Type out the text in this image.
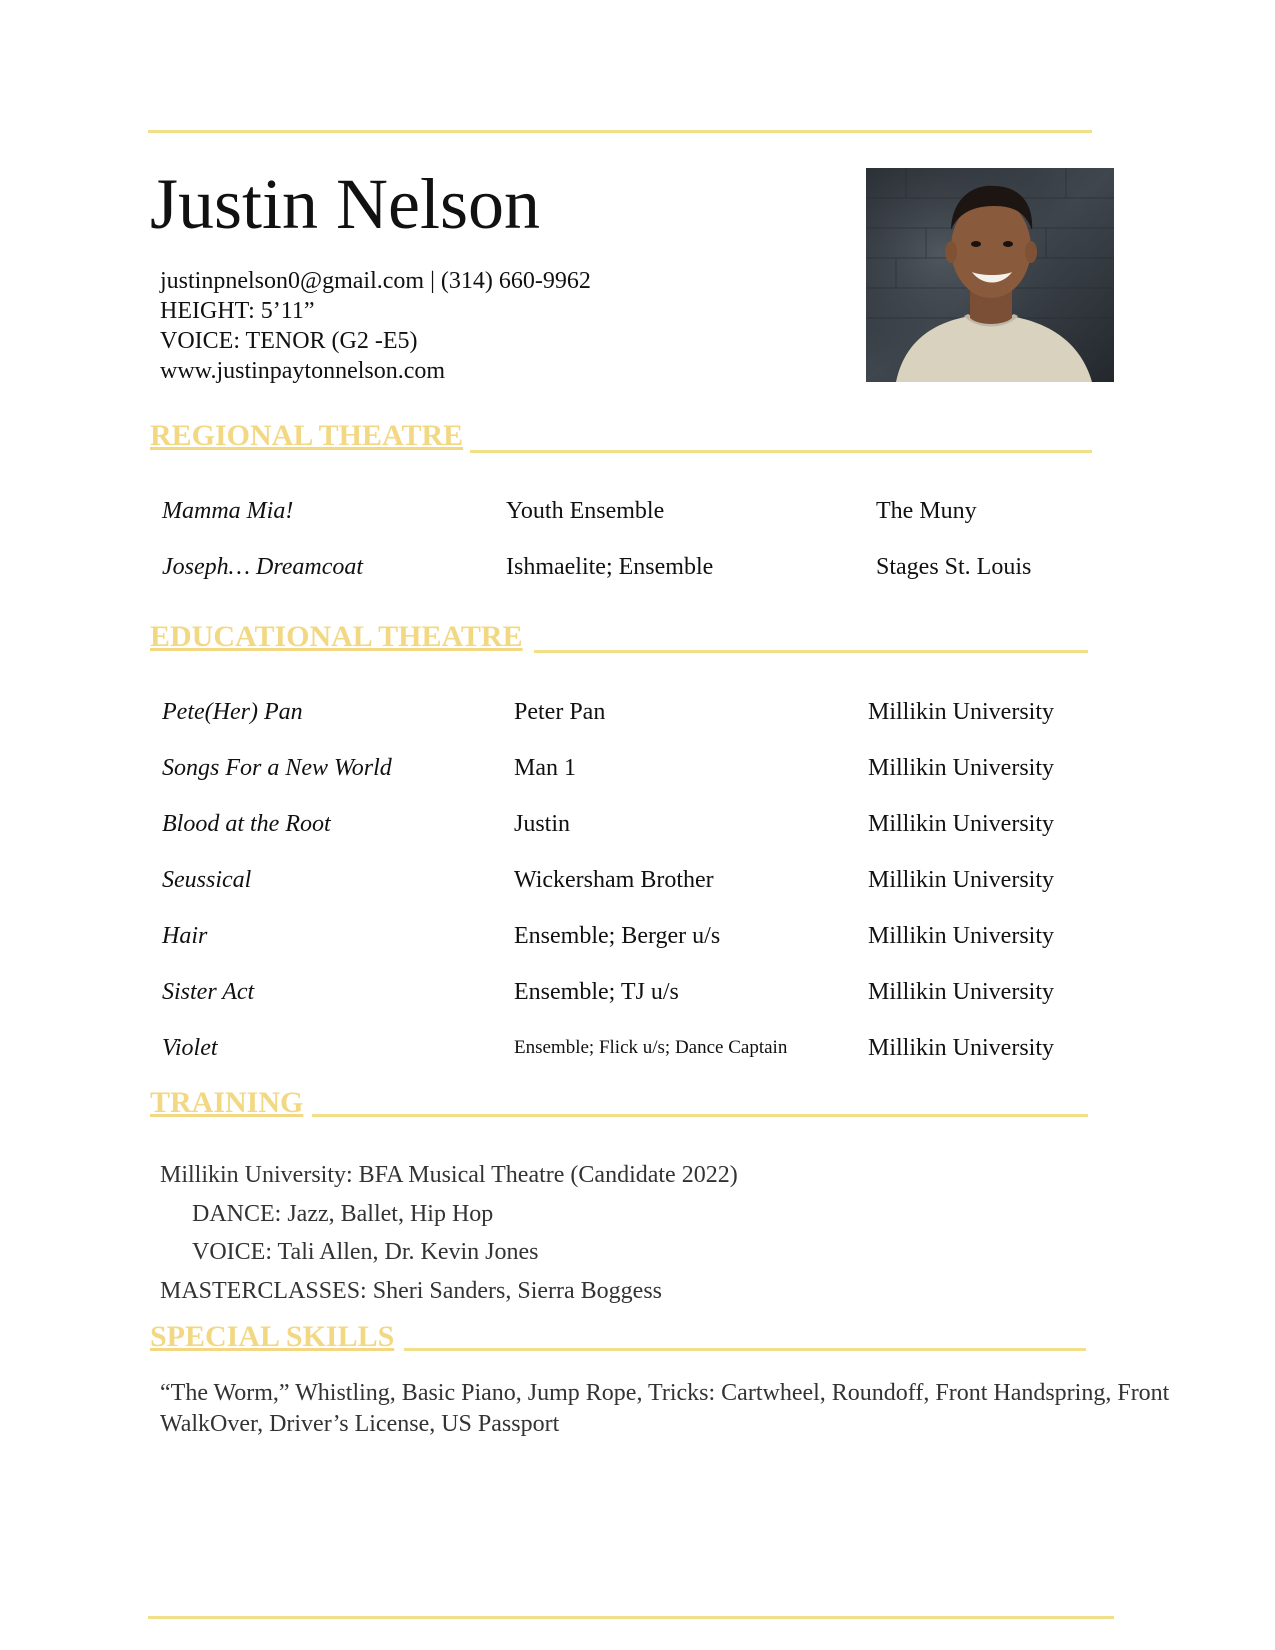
Justin Nelson
justinpnelson0@gmail.com | (314) 660-9962
HEIGHT: 5’11”
VOICE: TENOR (G2 -E5)
www.justinpaytonnelson.com
REGIONAL THEATRE
Mamma Mia!	Youth Ensemble	The Muny
Joseph… Dreamcoat	Ishmaelite; Ensemble	Stages St. Louis
EDUCATIONAL THEATRE
Pete(Her) Pan	Peter Pan	Millikin University
Songs For a New World	Man 1	Millikin University
Blood at the Root	Justin	Millikin University
Seussical	Wickersham Brother	Millikin University
Hair	Ensemble; Berger u/s	Millikin University
Sister Act	Ensemble; TJ u/s	Millikin University
Violet	Ensemble; Flick u/s; Dance Captain	Millikin University
TRAINING
Millikin University: BFA Musical Theatre (Candidate 2022)
DANCE: Jazz, Ballet, Hip Hop
VOICE: Tali Allen, Dr. Kevin Jones
MASTERCLASSES: Sheri Sanders, Sierra Boggess
SPECIAL SKILLS
“The Worm,” Whistling, Basic Piano, Jump Rope, Tricks: Cartwheel, Roundoff, Front Handspring, Front WalkOver, Driver’s License, US Passport
